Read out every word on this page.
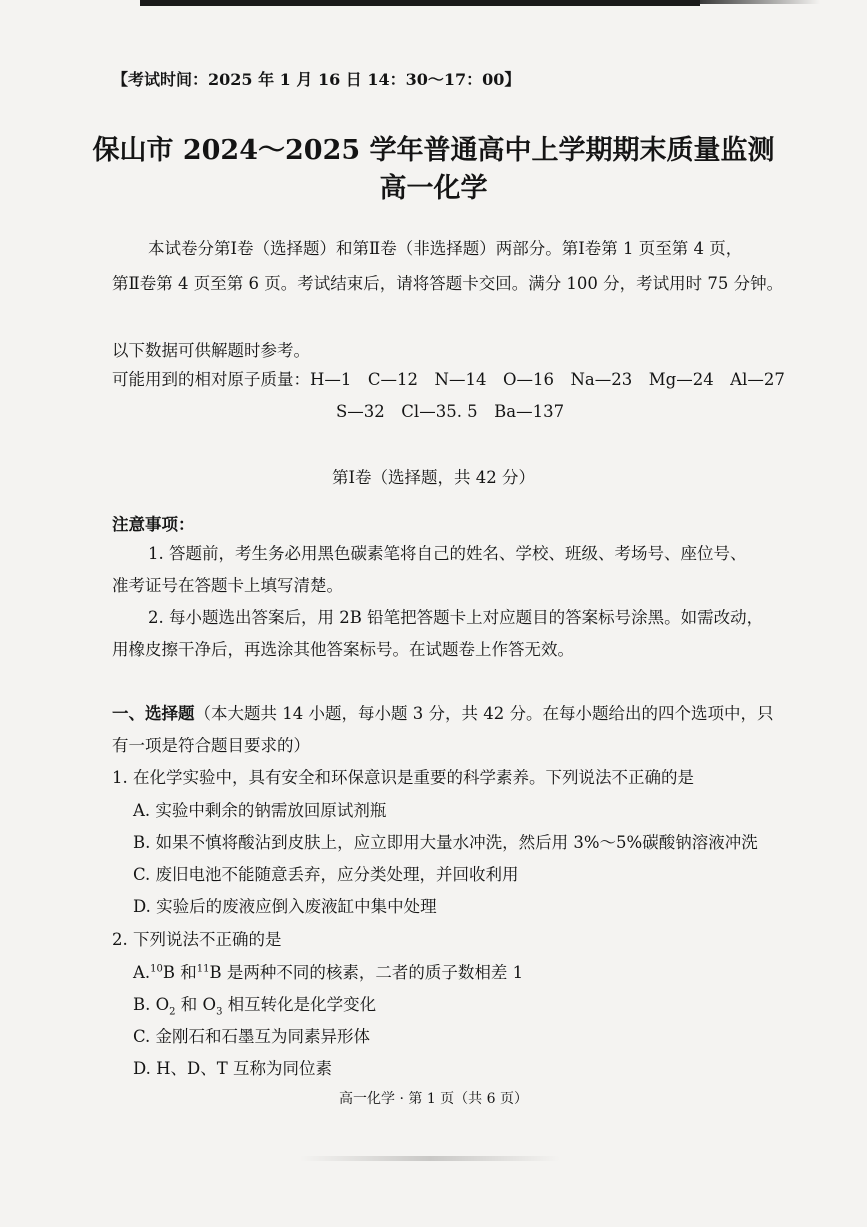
【考试时间：2025 年 1 月 16 日 14：30～17：00】
保山市 2024～2025 学年普通高中上学期期末质量监测
高一化学
本试卷分第Ⅰ卷（选择题）和第Ⅱ卷（非选择题）两部分。第Ⅰ卷第 1 页至第 4 页，
第Ⅱ卷第 4 页至第 6 页。考试结束后，请将答题卡交回。满分 100 分，考试用时 75 分钟。
以下数据可供解题时参考。
可能用到的相对原子质量：H—1　C—12　N—14　O—16　Na—23　Mg—24　Al—27
S—32　Cl—35. 5　Ba—137
第Ⅰ卷（选择题，共 42 分）
注意事项：
1. 答题前，考生务必用黑色碳素笔将自己的姓名、学校、班级、考场号、座位号、
准考证号在答题卡上填写清楚。
2. 每小题选出答案后，用 2B 铅笔把答题卡上对应题目的答案标号涂黑。如需改动，
用橡皮擦干净后，再选涂其他答案标号。在试题卷上作答无效。
一、选择题（本大题共 14 小题，每小题 3 分，共 42 分。在每小题给出的四个选项中，只
有一项是符合题目要求的）
1. 在化学实验中，具有安全和环保意识是重要的科学素养。下列说法不正确的是
A. 实验中剩余的钠需放回原试剂瓶
B. 如果不慎将酸沾到皮肤上，应立即用大量水冲洗，然后用 3%～5%碳酸钠溶液冲洗
C. 废旧电池不能随意丢弃，应分类处理，并回收利用
D. 实验后的废液应倒入废液缸中集中处理
2. 下列说法不正确的是
A.$^{10}$B 和$^{11}$B 是两种不同的核素，二者的质子数相差 1
B. $O_2$ 和 $O_3$ 相互转化是化学变化
C. 金刚石和石墨互为同素异形体
D. H、D、T 互称为同位素
高一化学 · 第 1 页（共 6 页）
